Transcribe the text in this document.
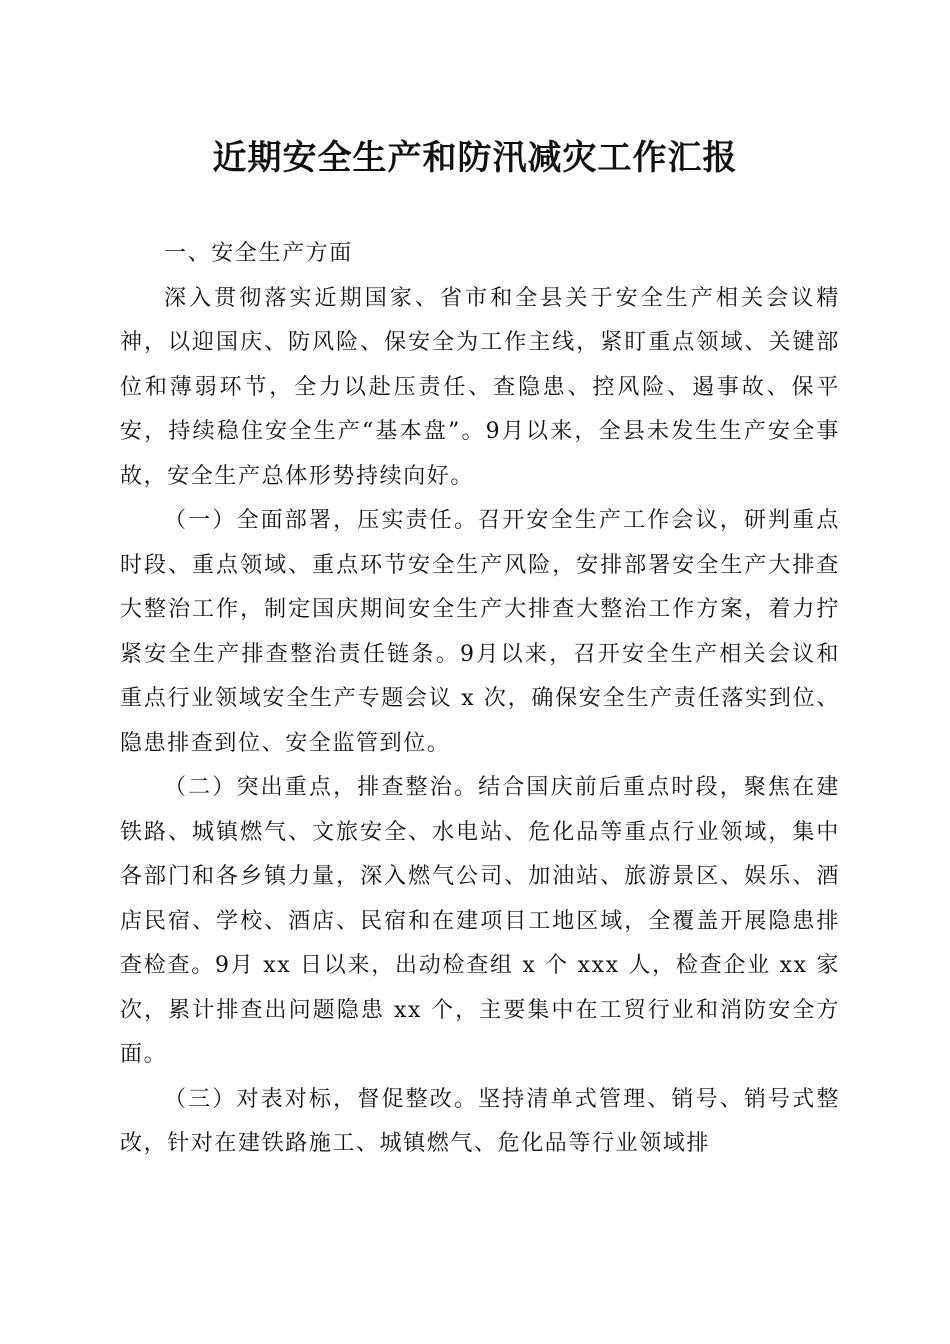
近期安全生产和防汛减灾工作汇报
一、安全生产方面

深入贯彻落实近期国家、省市和全县关于安全生产相关会议精神，以迎国庆、防风险、保安全为工作主线，紧盯重点领域、关键部位和薄弱环节，全力以赴压责任、查隐患、控风险、遏事故、保平安，持续稳住安全生产“基本盘”。9月以来，全县未发生生产安全事故，安全生产总体形势持续向好。

（一）全面部署，压实责任。召开安全生产工作会议，研判重点时段、重点领域、重点环节安全生产风险，安排部署安全生产大排查大整治工作，制定国庆期间安全生产大排查大整治工作方案，着力拧紧安全生产排查整治责任链条。9月以来，召开安全生产相关会议和重点行业领域安全生产专题会议 x 次，确保安全生产责任落实到位、隐患排查到位、安全监管到位。

（二）突出重点，排查整治。结合国庆前后重点时段，聚焦在建铁路、城镇燃气、文旅安全、水电站、危化品等重点行业领域，集中各部门和各乡镇力量，深入燃气公司、加油站、旅游景区、娱乐、酒店民宿、学校、酒店、民宿和在建项目工地区域，全覆盖开展隐患排查检查。9月 xx 日以来，出动检查组 x 个 xxx 人，检查企业 xx 家次，累计排查出问题隐患 xx 个，主要集中在工贸行业和消防安全方面。

（三）对表对标，督促整改。坚持清单式管理、销号、销号式整改，针对在建铁路施工、城镇燃气、危化品等行业领域排
